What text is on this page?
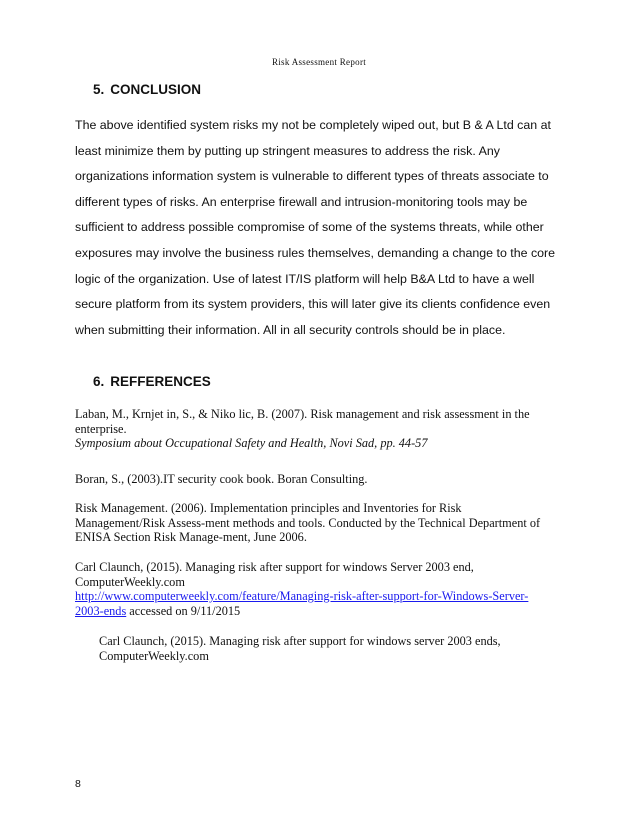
Risk Assessment Report
5. CONCLUSION
The above identified system risks my not be completely wiped out, but B & A Ltd can at
least minimize them by putting up stringent measures to address the risk. Any
organizations information system is vulnerable to different types of threats associate to
different types of risks. An enterprise firewall and intrusion-monitoring tools may be
sufficient to address possible compromise of some of the systems threats, while other
exposures may involve the business rules themselves, demanding a change to the core
logic of the organization. Use of latest IT/IS platform will help B&A Ltd to have a well
secure platform from its system providers, this will later give its clients confidence even
when submitting their information. All in all security controls should be in place.
6. REFFERENCES
Laban, M., Krnjet in, S., & Niko lic, B. (2007). Risk management and risk assessment in the
enterprise.
Symposium about Occupational Safety and Health, Novi Sad, pp. 44-57
Boran, S., (2003).IT security cook book. Boran Consulting.
Risk Management. (2006). Implementation principles and Inventories for Risk
Management/Risk Assess-ment methods and tools. Conducted by the Technical Department of
ENISA Section Risk Manage-ment, June 2006.
Carl Claunch, (2015). Managing risk after support for windows Server 2003 end,
ComputerWeekly.com
http://www.computerweekly.com/feature/Managing-risk-after-support-for-Windows-Server-
2003-ends accessed on 9/11/2015
Carl Claunch, (2015). Managing risk after support for windows server 2003 ends,
ComputerWeekly.com
8
